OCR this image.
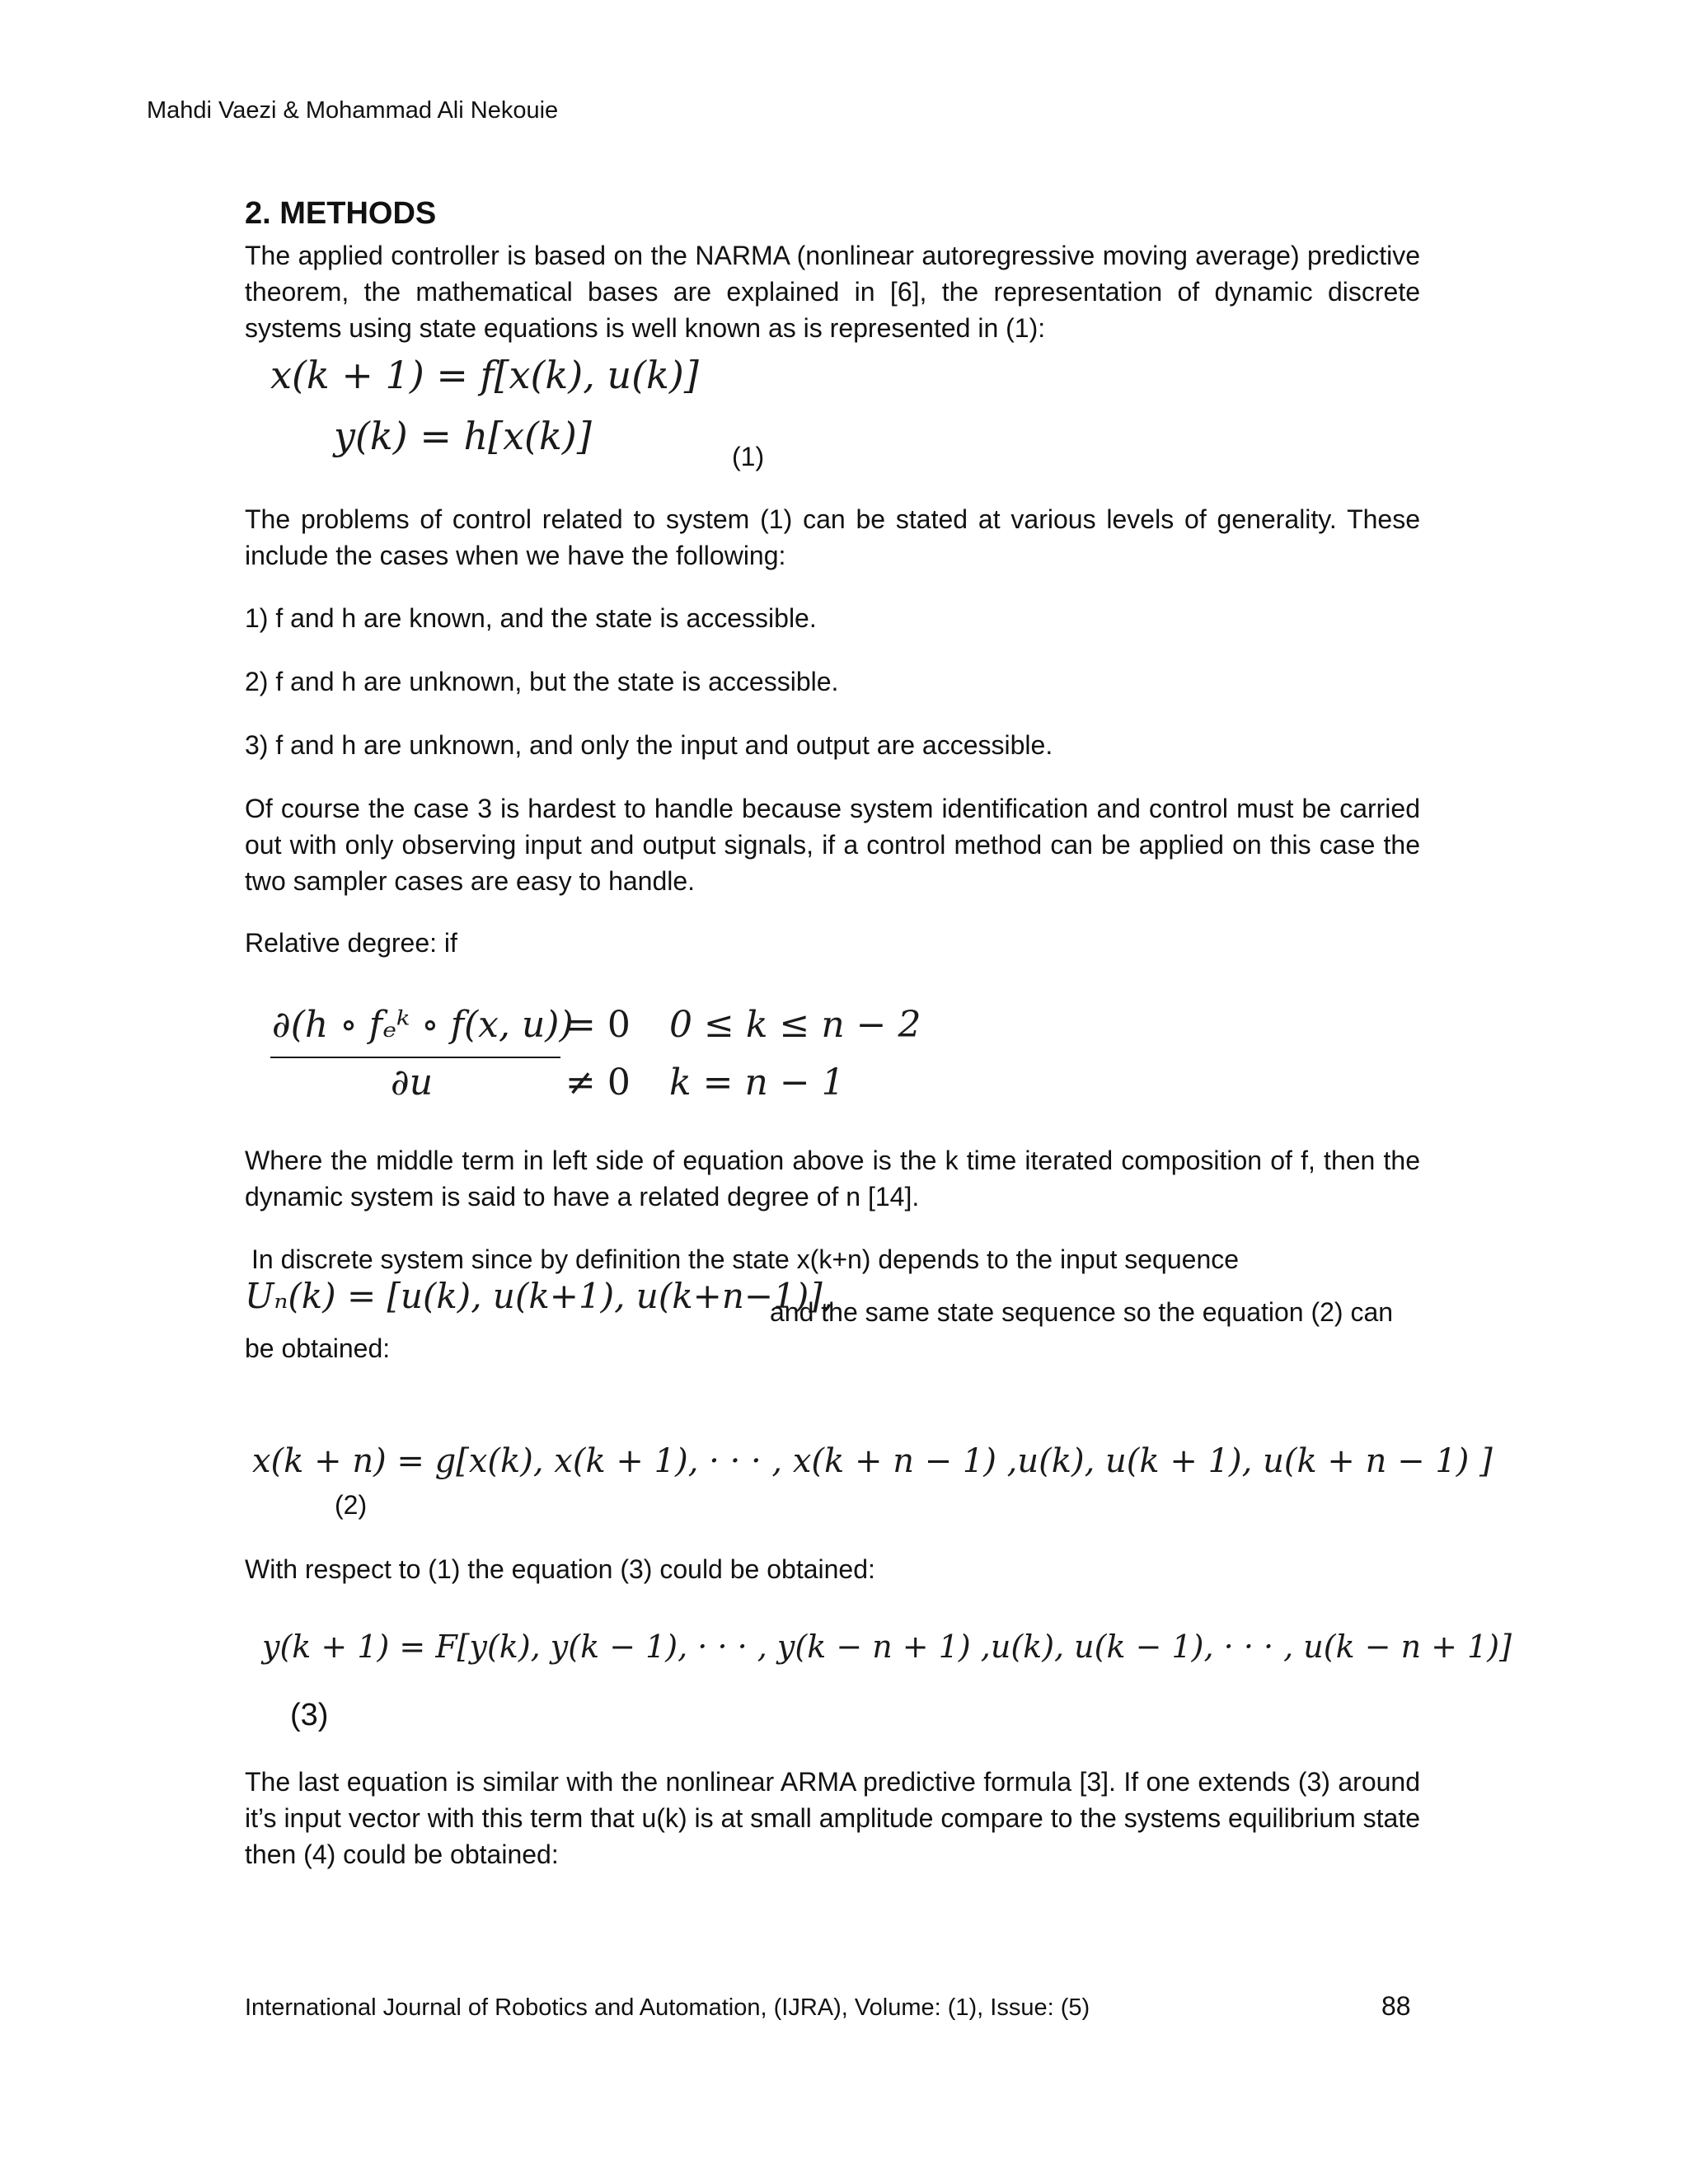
Mahdi Vaezi & Mohammad Ali Nekouie
2. METHODS
The applied controller is based on the NARMA (nonlinear autoregressive moving average) predictive theorem, the mathematical bases are explained in [6], the representation of dynamic discrete systems using state equations is well known as is represented in (1):
x(k + 1) = f[x(k), u(k)]
y(k) = h[x(k)]	(1)
The problems of control related to system (1) can be stated at various levels of generality. These include the cases when we have the following:
1) f and h are known, and the state is accessible.
2) f and h are unknown, but the state is accessible.
3) f and h are unknown, and only the input and output are accessible.
Of course the case 3 is hardest to handle because system identification and control must be carried out with only observing input and output signals, if a control method can be applied on this case the two sampler cases are easy to handle.
Relative degree: if
∂(h ∘ fₑᵏ ∘ f(x, u))
∂u
= 0 0 ≤ k ≤ n − 2
≠ 0 k = n − 1
Where the middle term in left side of equation above is the k time iterated composition of f, then the dynamic system is said to have a related degree of n [14].
In discrete system since by definition the state x(k+n) depends to the input sequence
Uₙ(k) = [u(k), u(k+1), u(k+n−1)],
and the same state sequence so the equation (2) can
be obtained:
x(k + n) = g[x(k), x(k + 1), · · · , x(k + n − 1) ,u(k), u(k + 1), u(k + n − 1) ]
(2)
With respect to (1) the equation (3) could be obtained:
y(k + 1) = F[y(k), y(k − 1), · · · , y(k − n + 1) ,u(k), u(k − 1), · · · , u(k − n + 1)]
(3)
The last equation is similar with the nonlinear ARMA predictive formula [3]. If one extends (3) around it’s input vector with this term that u(k) is at small amplitude compare to the systems equilibrium state then (4) could be obtained:
International Journal of Robotics and Automation, (IJRA), Volume: (1), Issue: (5)	88
